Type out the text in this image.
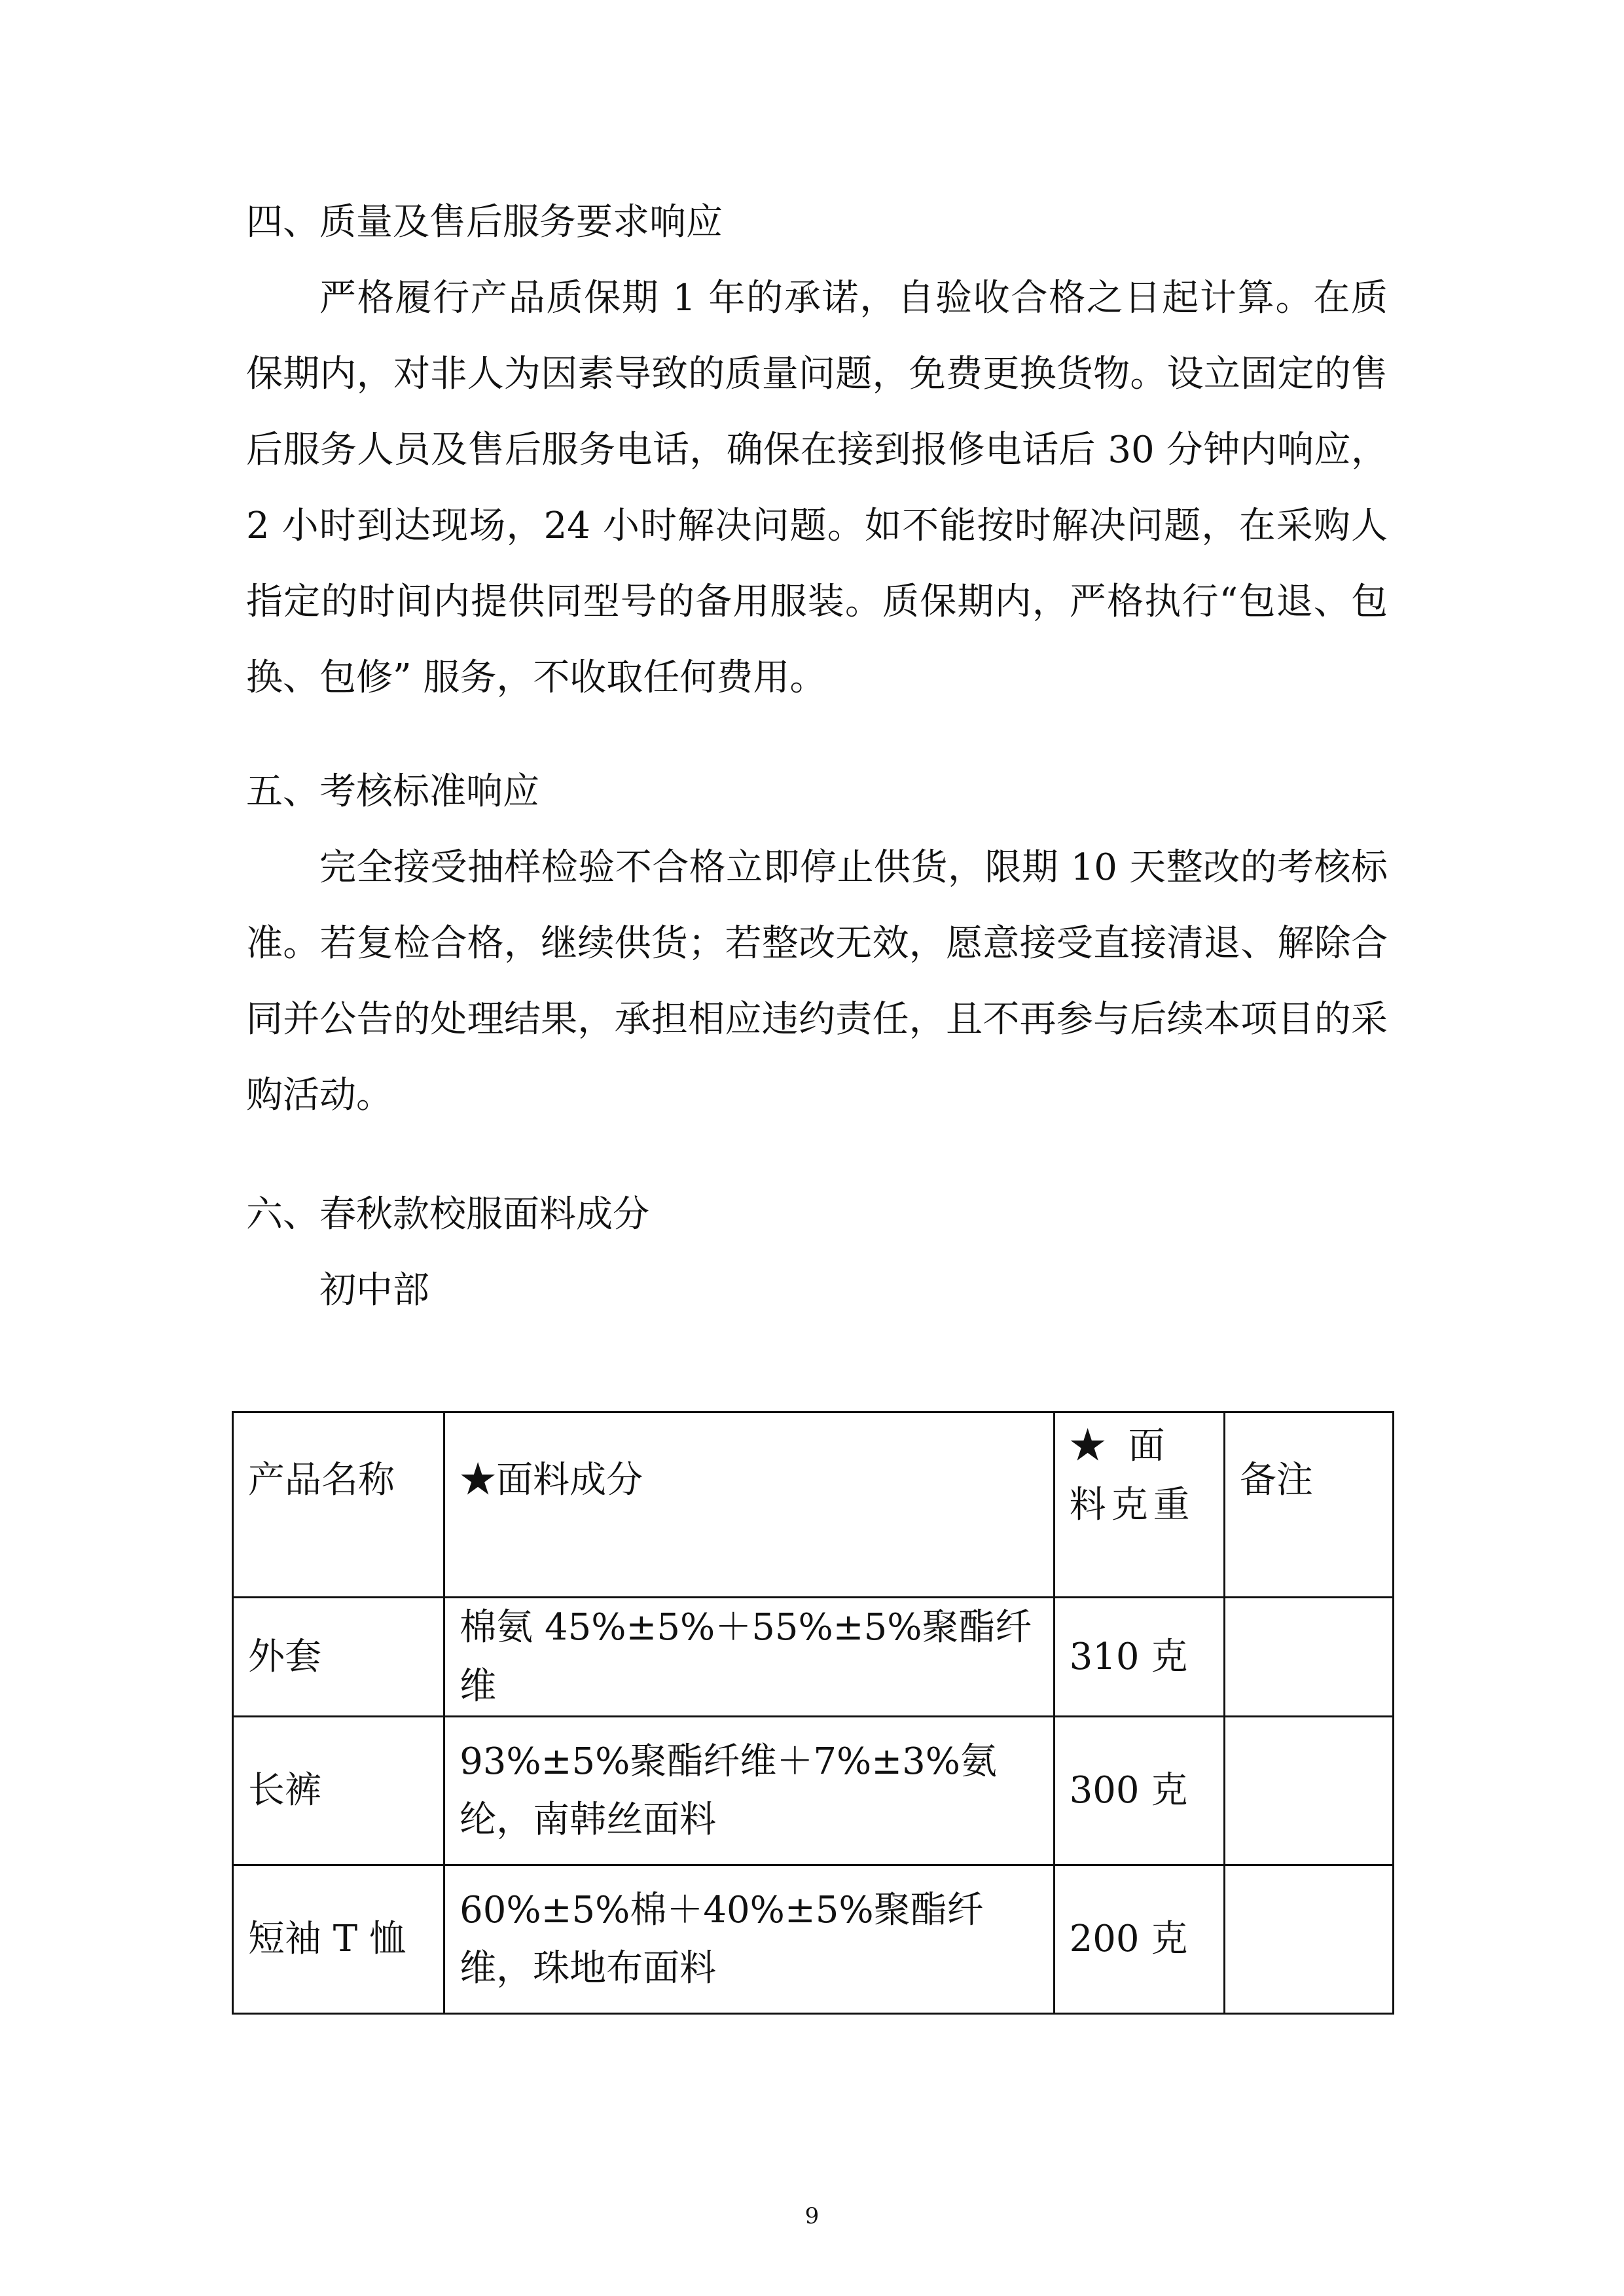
四、质量及售后服务要求响应
严格履行产品质保期 1 年的承诺，自验收合格之日起计算。在质保期内，对非人为因素导致的质量问题，免费更换货物。设立固定的售后服务人员及售后服务电话，确保在接到报修电话后 30 分钟内响应，2 小时到达现场，24 小时解决问题。如不能按时解决问题，在采购人指定的时间内提供同型号的备用服装。质保期内，严格执行“包退、包换、包修” 服务，不收取任何费用。
五、考核标准响应
完全接受抽样检验不合格立即停止供货，限期 10 天整改的考核标准。若复检合格，继续供货；若整改无效，愿意接受直接清退、解除合同并公告的处理结果，承担相应违约责任，且不再参与后续本项目的采购活动。
六、春秋款校服面料成分
初中部
产品名称	★面料成分	★ 面 料克重	备注
外套	棉氨 45%±5%＋55%±5%聚酯纤维	310 克	
长裤	93%±5%聚酯纤维＋7%±3%氨纶，南韩丝面料	300 克	
短袖 T 恤	60%±5%棉＋40%±5%聚酯纤维，珠地布面料	200 克	
9
